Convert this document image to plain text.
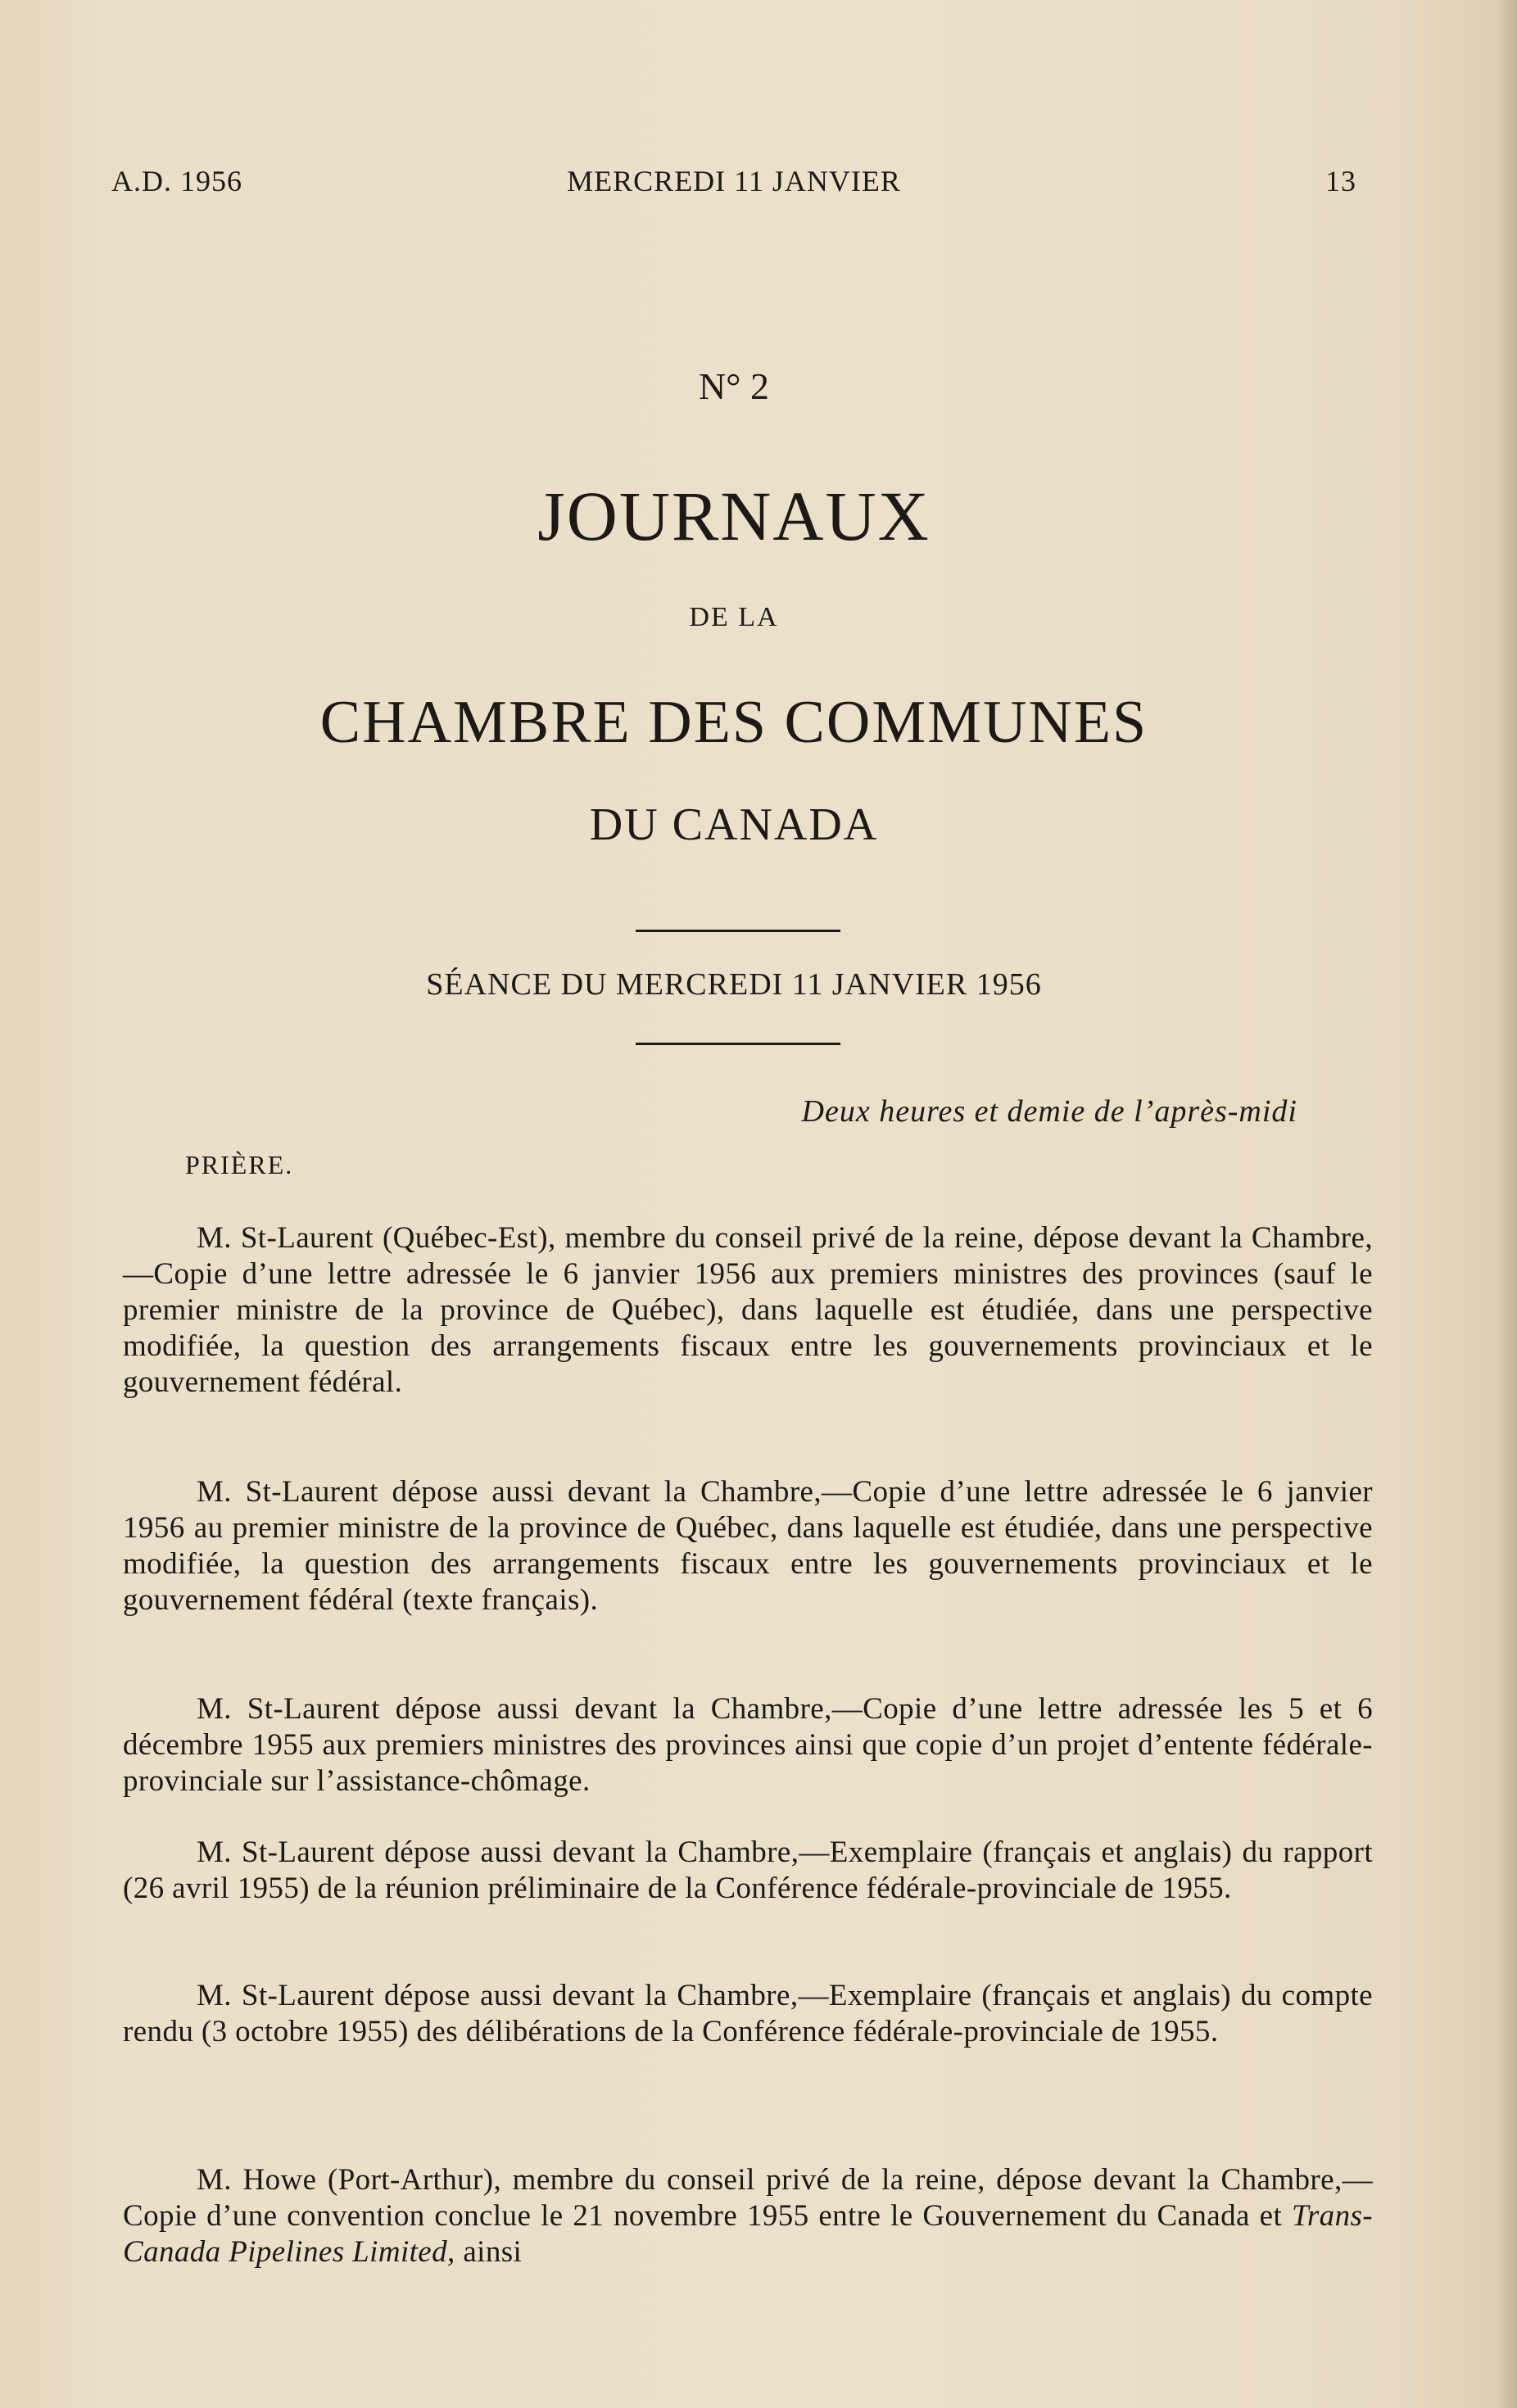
A.D. 1956	MERCREDI 11 JANVIER	13
N° 2
JOURNAUX
DE LA
CHAMBRE DES COMMUNES
DU CANADA
SÉANCE DU MERCREDI 11 JANVIER 1956
Deux heures et demie de l’après-midi
PRIÈRE.

M. St-Laurent (Québec-Est), membre du conseil privé de la reine, dépose devant la Chambre,—Copie d’une lettre adressée le 6 janvier 1956 aux premiers ministres des provinces (sauf le premier ministre de la province de Québec), dans laquelle est étudiée, dans une perspective modifiée, la question des arrangements fiscaux entre les gouvernements provinciaux et le gouvernement fédéral.

M. St-Laurent dépose aussi devant la Chambre,—Copie d’une lettre adressée le 6 janvier 1956 au premier ministre de la province de Québec, dans laquelle est étudiée, dans une perspective modifiée, la question des arrangements fiscaux entre les gouvernements provinciaux et le gouvernement fédéral (texte français).

M. St-Laurent dépose aussi devant la Chambre,—Copie d’une lettre adressée les 5 et 6 décembre 1955 aux premiers ministres des provinces ainsi que copie d’un projet d’entente fédérale-provinciale sur l’assistance-chômage.

M. St-Laurent dépose aussi devant la Chambre,—Exemplaire (français et anglais) du rapport (26 avril 1955) de la réunion préliminaire de la Conférence fédérale-provinciale de 1955.

M. St-Laurent dépose aussi devant la Chambre,—Exemplaire (français et anglais) du compte rendu (3 octobre 1955) des délibérations de la Conférence fédérale-provinciale de 1955.

M. Howe (Port-Arthur), membre du conseil privé de la reine, dépose devant la Chambre,—Copie d’une convention conclue le 21 novembre 1955 entre le Gouvernement du Canada et Trans-Canada Pipelines Limited, ainsi
